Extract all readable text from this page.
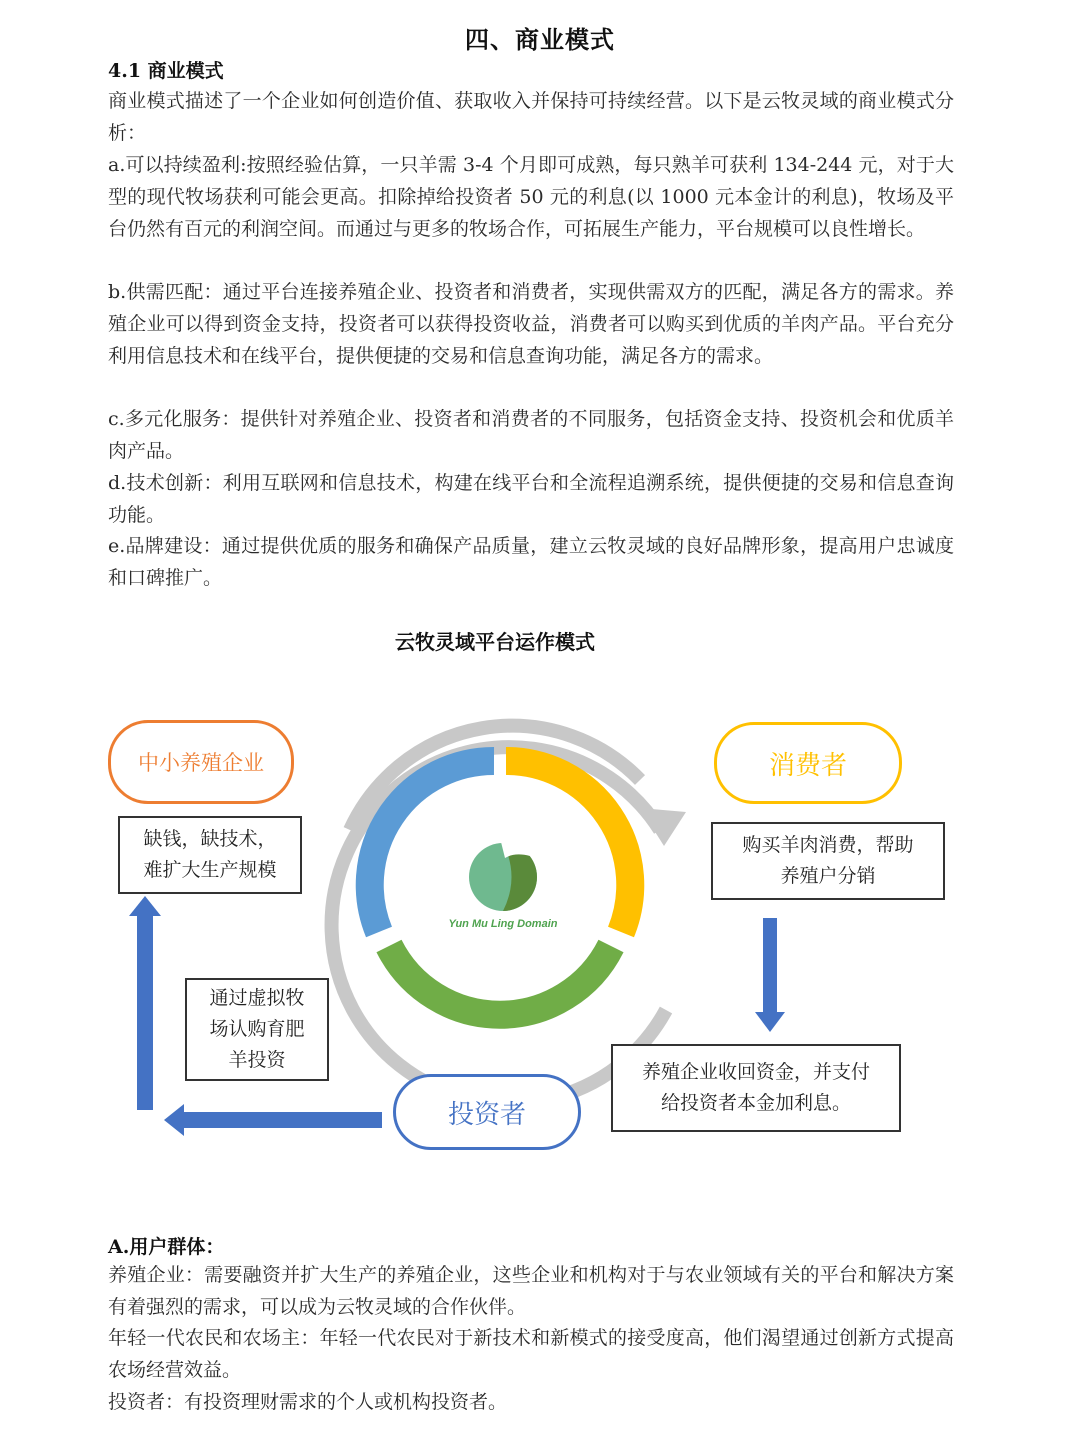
四、商业模式
4.1 商业模式
商业模式描述了一个企业如何创造价值、获取收入并保持可持续经营。以下是云牧灵域的商业模式分析：
a.可以持续盈利:按照经验估算，一只羊需 3-4 个月即可成熟，每只熟羊可获利 134-244 元，对于大型的现代牧场获利可能会更高。扣除掉给投资者 50 元的利息(以 1000 元本金计的利息)，牧场及平台仍然有百元的利润空间。而通过与更多的牧场合作，可拓展生产能力，平台规模可以良性增长。
b.供需匹配：通过平台连接养殖企业、投资者和消费者，实现供需双方的匹配，满足各方的需求。养殖企业可以得到资金支持，投资者可以获得投资收益，消费者可以购买到优质的羊肉产品。平台充分利用信息技术和在线平台，提供便捷的交易和信息查询功能，满足各方的需求。
c.多元化服务：提供针对养殖企业、投资者和消费者的不同服务，包括资金支持、投资机会和优质羊肉产品。
d.技术创新：利用互联网和信息技术，构建在线平台和全流程追溯系统，提供便捷的交易和信息查询功能。
e.品牌建设：通过提供优质的服务和确保产品质量，建立云牧灵域的良好品牌形象，提高用户忠诚度和口碑推广。
云牧灵域平台运作模式
Yun Mu Ling Domain
中小养殖企业	消费者
投资者
缺钱，缺技术，
难扩大生产规模
购买羊肉消费，帮助
养殖户分销
养殖企业收回资金，并支付
给投资者本金加利息。
通过虚拟牧
场认购育肥
羊投资
A.用户群体：
养殖企业：需要融资并扩大生产的养殖企业，这些企业和机构对于与农业领域有关的平台和解决方案有着强烈的需求，可以成为云牧灵域的合作伙伴。
年轻一代农民和农场主：年轻一代农民对于新技术和新模式的接受度高，他们渴望通过创新方式提高农场经营效益。
投资者：有投资理财需求的个人或机构投资者。
